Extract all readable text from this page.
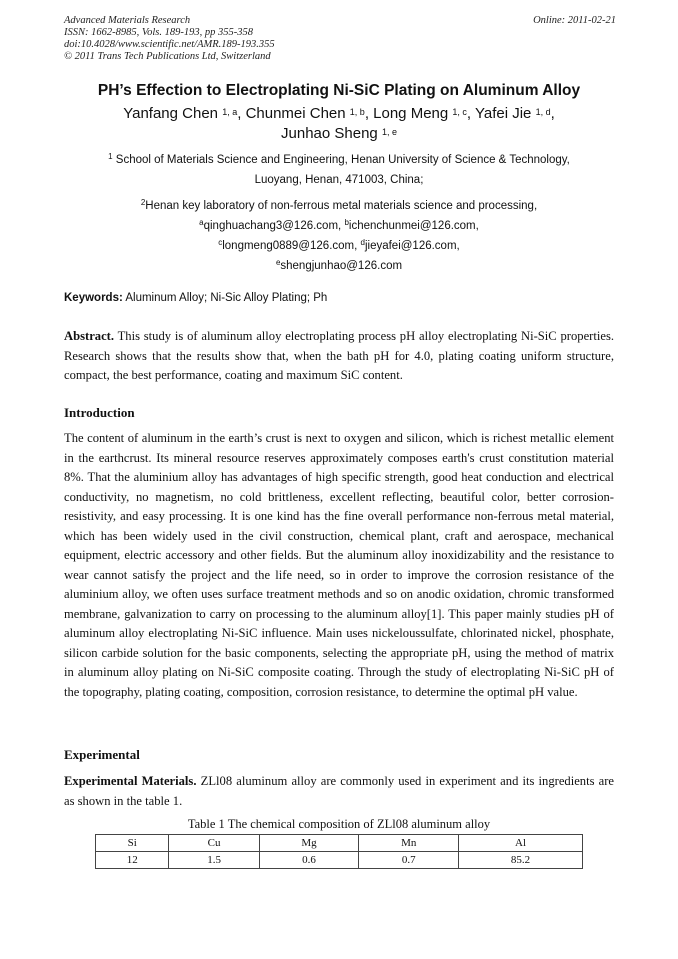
Advanced Materials Research
ISSN: 1662-8985, Vols. 189-193, pp 355-358
doi:10.4028/www.scientific.net/AMR.189-193.355
© 2011 Trans Tech Publications Ltd, Switzerland
Online: 2011-02-21
PH’s Effection to Electroplating Ni-SiC Plating on Aluminum Alloy
Yanfang Chen $^{1, a}$, Chunmei Chen $^{1, b}$, Long Meng $^{1, c}$, Yafei Jie $^{1, d}$,
Junhao Sheng $^{1, e}$
$^1$ School of Materials Science and Engineering, Henan University of Science & Technology,
Luoyang, Henan, 471003, China;
$^2$Henan key laboratory of non-ferrous metal materials science and processing,
$^a$qinghuachang3@126.com, $^b$ichenchunmei@126.com,
$^c$longmeng0889@126.com, $^d$jieyafei@126.com,
$^e$shengjunhao@126.com
Keywords: Aluminum Alloy; Ni-Sic Alloy Plating; Ph
Abstract. This study is of aluminum alloy electroplating process pH alloy electroplating Ni-SiC properties. Research shows that the results show that, when the bath pH for 4.0, plating coating uniform structure, compact, the best performance, coating and maximum SiC content.
Introduction
The content of aluminum in the earth’s crust is next to oxygen and silicon, which is richest metallic element in the earthcrust. Its mineral resource reserves approximately composes earth's crust constitution material 8%. That the aluminium alloy has advantages of high specific strength, good heat conduction and electrical conductivity, no magnetism, no cold brittleness, excellent reflecting, beautiful color, better corrosion-resistivity, and easy processing. It is one kind has the fine overall performance non-ferrous metal material, which has been widely used in the civil construction, chemical plant, craft and aerospace, mechanical equipment, electric accessory and other fields. But the aluminum alloy inoxidizability and the resistance to wear cannot satisfy the project and the life need, so in order to improve the corrosion resistance of the aluminium alloy, we often uses surface treatment methods and so on anodic oxidation, chromic transformed membrane, galvanization to carry on processing to the aluminum alloy[1]. This paper mainly studies pH of aluminum alloy electroplating Ni-SiC influence. Main uses nickeloussulfate, chlorinated nickel, phosphate, silicon carbide solution for the basic components, selecting the appropriate pH, using the method of matrix in aluminum alloy plating on Ni-SiC composite coating. Through the study of electroplating Ni-SiC pH of the topography, plating coating, composition, corrosion resistance, to determine the optimal pH value.
Experimental
Experimental Materials. ZLl08 aluminum alloy are commonly used in experiment and its ingredients are as shown in the table 1.
Table 1 The chemical composition of ZLl08 aluminum alloy
Si	Cu	Mg	Mn	Al
12	1.5	0.6	0.7	85.2
